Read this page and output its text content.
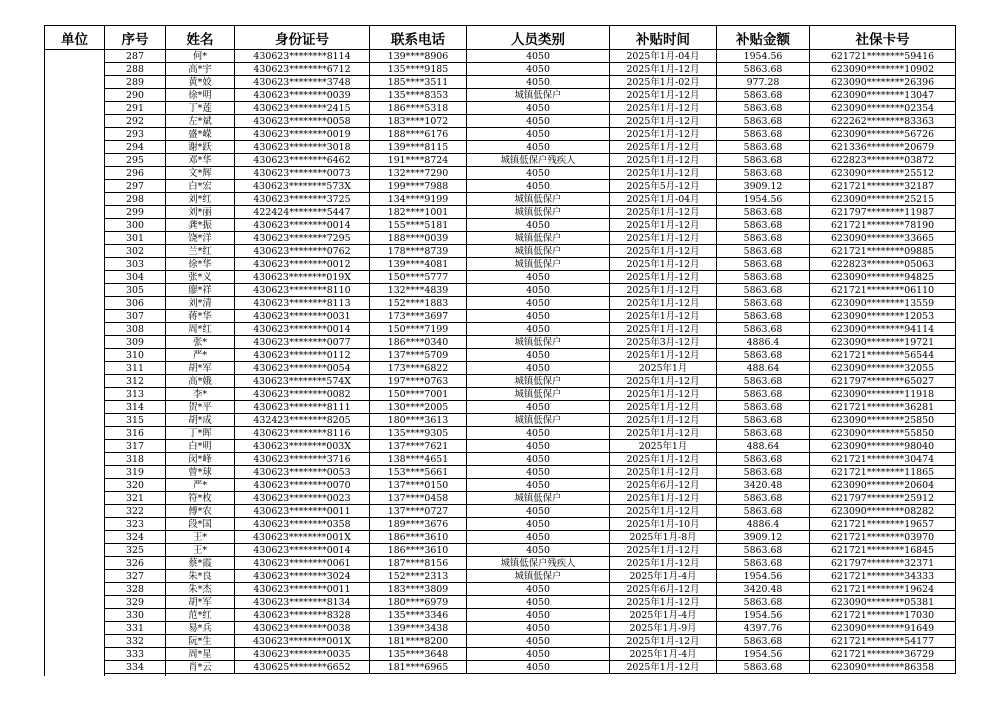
单位	序号	姓名	身份证号	联系电话	人员类别	补贴时间	补贴金额	社保卡号
	287	何*	430623********8114	139****8906	4050	2025年1月-04月	1954.56	621721********59416
	288	高*宇	430623********6712	135****9185	4050	2025年1月-12月	5863.68	623090********10902
	289	黄*姣	430623********3748	185****3511	4050	2025年1月-02月	977.28	623090********26396
	290	徐*明	430623********0039	135****8353	城镇低保户	2025年1月-12月	5863.68	623090********13047
	291	丁*莲	430623********2415	186****5318	4050	2025年1月-12月	5863.68	623090********02354
	292	左*斌	430623********0058	183****1072	4050	2025年1月-12月	5863.68	622262********83363
	293	盛*嵘	430623********0019	188****6176	4050	2025年1月-12月	5863.68	623090********56726
	294	谢*跃	430623********3018	139****8115	4050	2025年1月-12月	5863.68	621336********20679
	295	邓*华	430623********6462	191****8724	城镇低保户残疾人	2025年1月-12月	5863.68	622823********03872
	296	文*辉	430623********0073	132****7290	4050	2025年1月-12月	5863.68	623090********25512
	297	白*宏	430623********573X	199****7988	4050	2025年5月-12月	3909.12	621721********32187
	298	刘*红	430623********3725	134****9199	城镇低保户	2025年1月-04月	1954.56	623090********25215
	299	刘*丽	422424********5447	182****1001	城镇低保户	2025年1月-12月	5863.68	621797********11987
	300	龚*振	430623********0014	155****5181	4050	2025年1月-12月	5863.68	621721********78190
	301	饶*洋	430623********7295	188****0039	城镇低保户	2025年1月-12月	5863.68	623090********33665
	302	兰*红	430623********0762	178****8739	城镇低保户	2025年1月-12月	5863.68	621721********09885
	303	徐*华	430623********0012	139****4081	城镇低保户	2025年1月-12月	5863.68	622823********05063
	304	张*义	430623********019X	150****5777	4050	2025年1月-12月	5863.68	623090********94825
	305	廖*祥	430623********8110	132****4839	4050	2025年1月-12月	5863.68	621721********06110
	306	刘*清	430623********8113	152****1883	4050	2025年1月-12月	5863.68	623090********13559
	307	蒋*华	430623********0031	173****3697	4050	2025年1月-12月	5863.68	623090********12053
	308	周*红	430623********0014	150****7199	4050	2025年1月-12月	5863.68	623090********94114
	309	张*	430623********0077	186****0340	城镇低保户	2025年3月-12月	4886.4	623090********19721
	310	严*	430623********0112	137****5709	4050	2025年1月-12月	5863.68	621721********56544
	311	胡*军	430623********0054	173****6822	4050	2025年1月	488.64	623090********32055
	312	高*娥	430623********574X	197****0763	城镇低保户	2025年1月-12月	5863.68	621797********65027
	313	李*	430623********0082	150****7001	城镇低保户	2025年1月-12月	5863.68	623090********11918
	314	贺*平	430623********8111	130****2005	4050	2025年1月-12月	5863.68	621721********36281
	315	胡*成	432423********8205	180****3613	城镇低保户	2025年1月-12月	5863.68	623090********25850
	316	丁*晖	430623********8116	135****9305	4050	2025年1月-12月	5863.68	623090********55850
	317	白*明	430623********003X	137****7621	4050	2025年1月	488.64	623090********98040
	318	闵*峰	430623********3716	138****4651	4050	2025年1月-12月	5863.68	621721********30474
	319	曾*球	430623********0053	153****5661	4050	2025年1月-12月	5863.68	621721********11865
	320	严*	430623********0070	137****0150	4050	2025年6月-12月	3420.48	623090********20604
	321	符*枚	430623********0023	137****0458	城镇低保户	2025年1月-12月	5863.68	621797********25912
	322	傅*农	430623********0011	137****0727	4050	2025年1月-12月	5863.68	623090********08282
	323	段*国	430623********0358	189****3676	4050	2025年1月-10月	4886.4	621721********19657
	324	王*	430623********001X	186****3610	4050	2025年1月-8月	3909.12	621721********03970
	325	王*	430623********0014	186****3610	4050	2025年1月-12月	5863.68	621721********16845
	326	蔡*霞	430623********0061	187****8156	城镇低保户残疾人	2025年1月-12月	5863.68	621797********32371
	327	朱*良	430623********3024	152****2313	城镇低保户	2025年1月-4月	1954.56	621721********34333
	328	朱*杰	430623********0011	183****3809	4050	2025年6月-12月	3420.48	621721********19624
	329	胡*军	430623********8134	180****6979	4050	2025年1月-12月	5863.68	623090********05381
	330	范*红	430623********8328	135****3346	4050	2025年1月-4月	1954.56	621721********17030
	331	易*兵	430623********0038	139****3438	4050	2025年1月-9月	4397.76	623090********91649
	332	阮*生	430623********001X	181****8200	4050	2025年1月-12月	5863.68	621721********54177
	333	周*星	430623********0035	135****3648	4050	2025年1月-4月	1954.56	621721********36729
	334	肖*云	430625********6652	181****6965	4050	2025年1月-12月	5863.68	623090********86358
